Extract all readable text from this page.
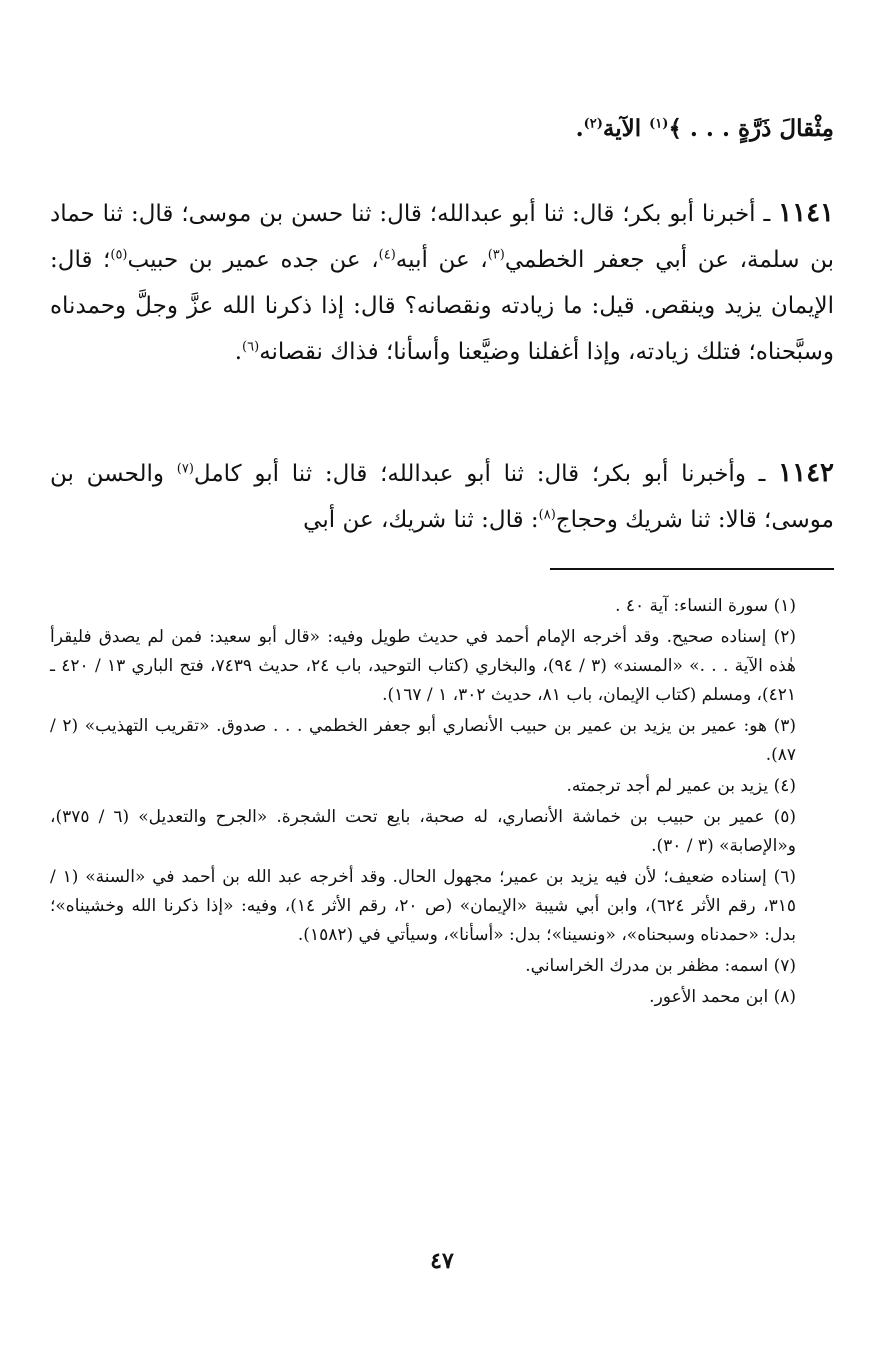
مِثْقالَ ذَرَّةٍ . . . ﴾$^{(١)}$ الآية$^{(٢)}$.
١١٤١ ـ أخبرنا أبو بكر؛ قال: ثنا أبو عبدالله؛ قال: ثنا حسن بن موسى؛ قال: ثنا حماد بن سلمة، عن أبي جعفر الخطمي$^{(٣)}$، عن أبيه$^{(٤)}$، عن جده عمير بن حبيب$^{(٥)}$؛ قال: الإيمان يزيد وينقص. قيل: ما زيادته ونقصانه؟ قال: إذا ذكرنا الله عزَّ وجلَّ وحمدناه وسبَّحناه؛ فتلك زيادته، وإذا أغفلنا وضيَّعنا وأسأنا؛ فذاك نقصانه$^{(٦)}$.
١١٤٢ ـ وأخبرنا أبو بكر؛ قال: ثنا أبو عبدالله؛ قال: ثنا أبو كامل$^{(٧)}$ والحسن بن موسى؛ قالا: ثنا شريك وحجاج$^{(٨)}$: قال: ثنا شريك، عن أبي

(١) سورة النساء: آية ٤٠ .

(٢) إسناده صحيح. وقد أخرجه الإمام أحمد في حديث طويل وفيه: «قال أبو سعيد: فمن لم يصدق فليقرأ هٰذه الآية . . .» «المسند» (٣ / ٩٤)، والبخاري (كتاب التوحيد، باب ٢٤، حديث ٧٤٣٩، فتح الباري ١٣ / ٤٢٠ ـ ٤٢١)، ومسلم (كتاب الإيمان، باب ٨١، حديث ٣٠٢، ١ / ١٦٧).

(٣) هو: عمير بن يزيد بن عمير بن حبيب الأنصاري أبو جعفر الخطمي . . . صدوق. «تقريب التهذيب» (٢ / ٨٧).

(٤) يزيد بن عمير لم أجد ترجمته.

(٥) عمير بن حبيب بن خماشة الأنصاري، له صحبة، بايع تحت الشجرة. «الجرح والتعديل» (٦ / ٣٧٥)، و«الإصابة» (٣ / ٣٠).

(٦) إسناده ضعيف؛ لأن فيه يزيد بن عمير؛ مجهول الحال. وقد أخرجه عبد الله بن أحمد في «السنة» (١ / ٣١٥، رقم الأثر ٦٢٤)، وابن أبي شيبة «الإيمان» (ص ٢٠، رقم الأثر ١٤)، وفيه: «إذا ذكرنا الله وخشيناه»؛ بدل: «حمدناه وسبحناه»، «ونسينا»؛ بدل: «أسأنا»، وسيأتي في (١٥٨٢).

(٧) اسمه: مظفر بن مدرك الخراساني.

(٨) ابن محمد الأعور.

٤٧
